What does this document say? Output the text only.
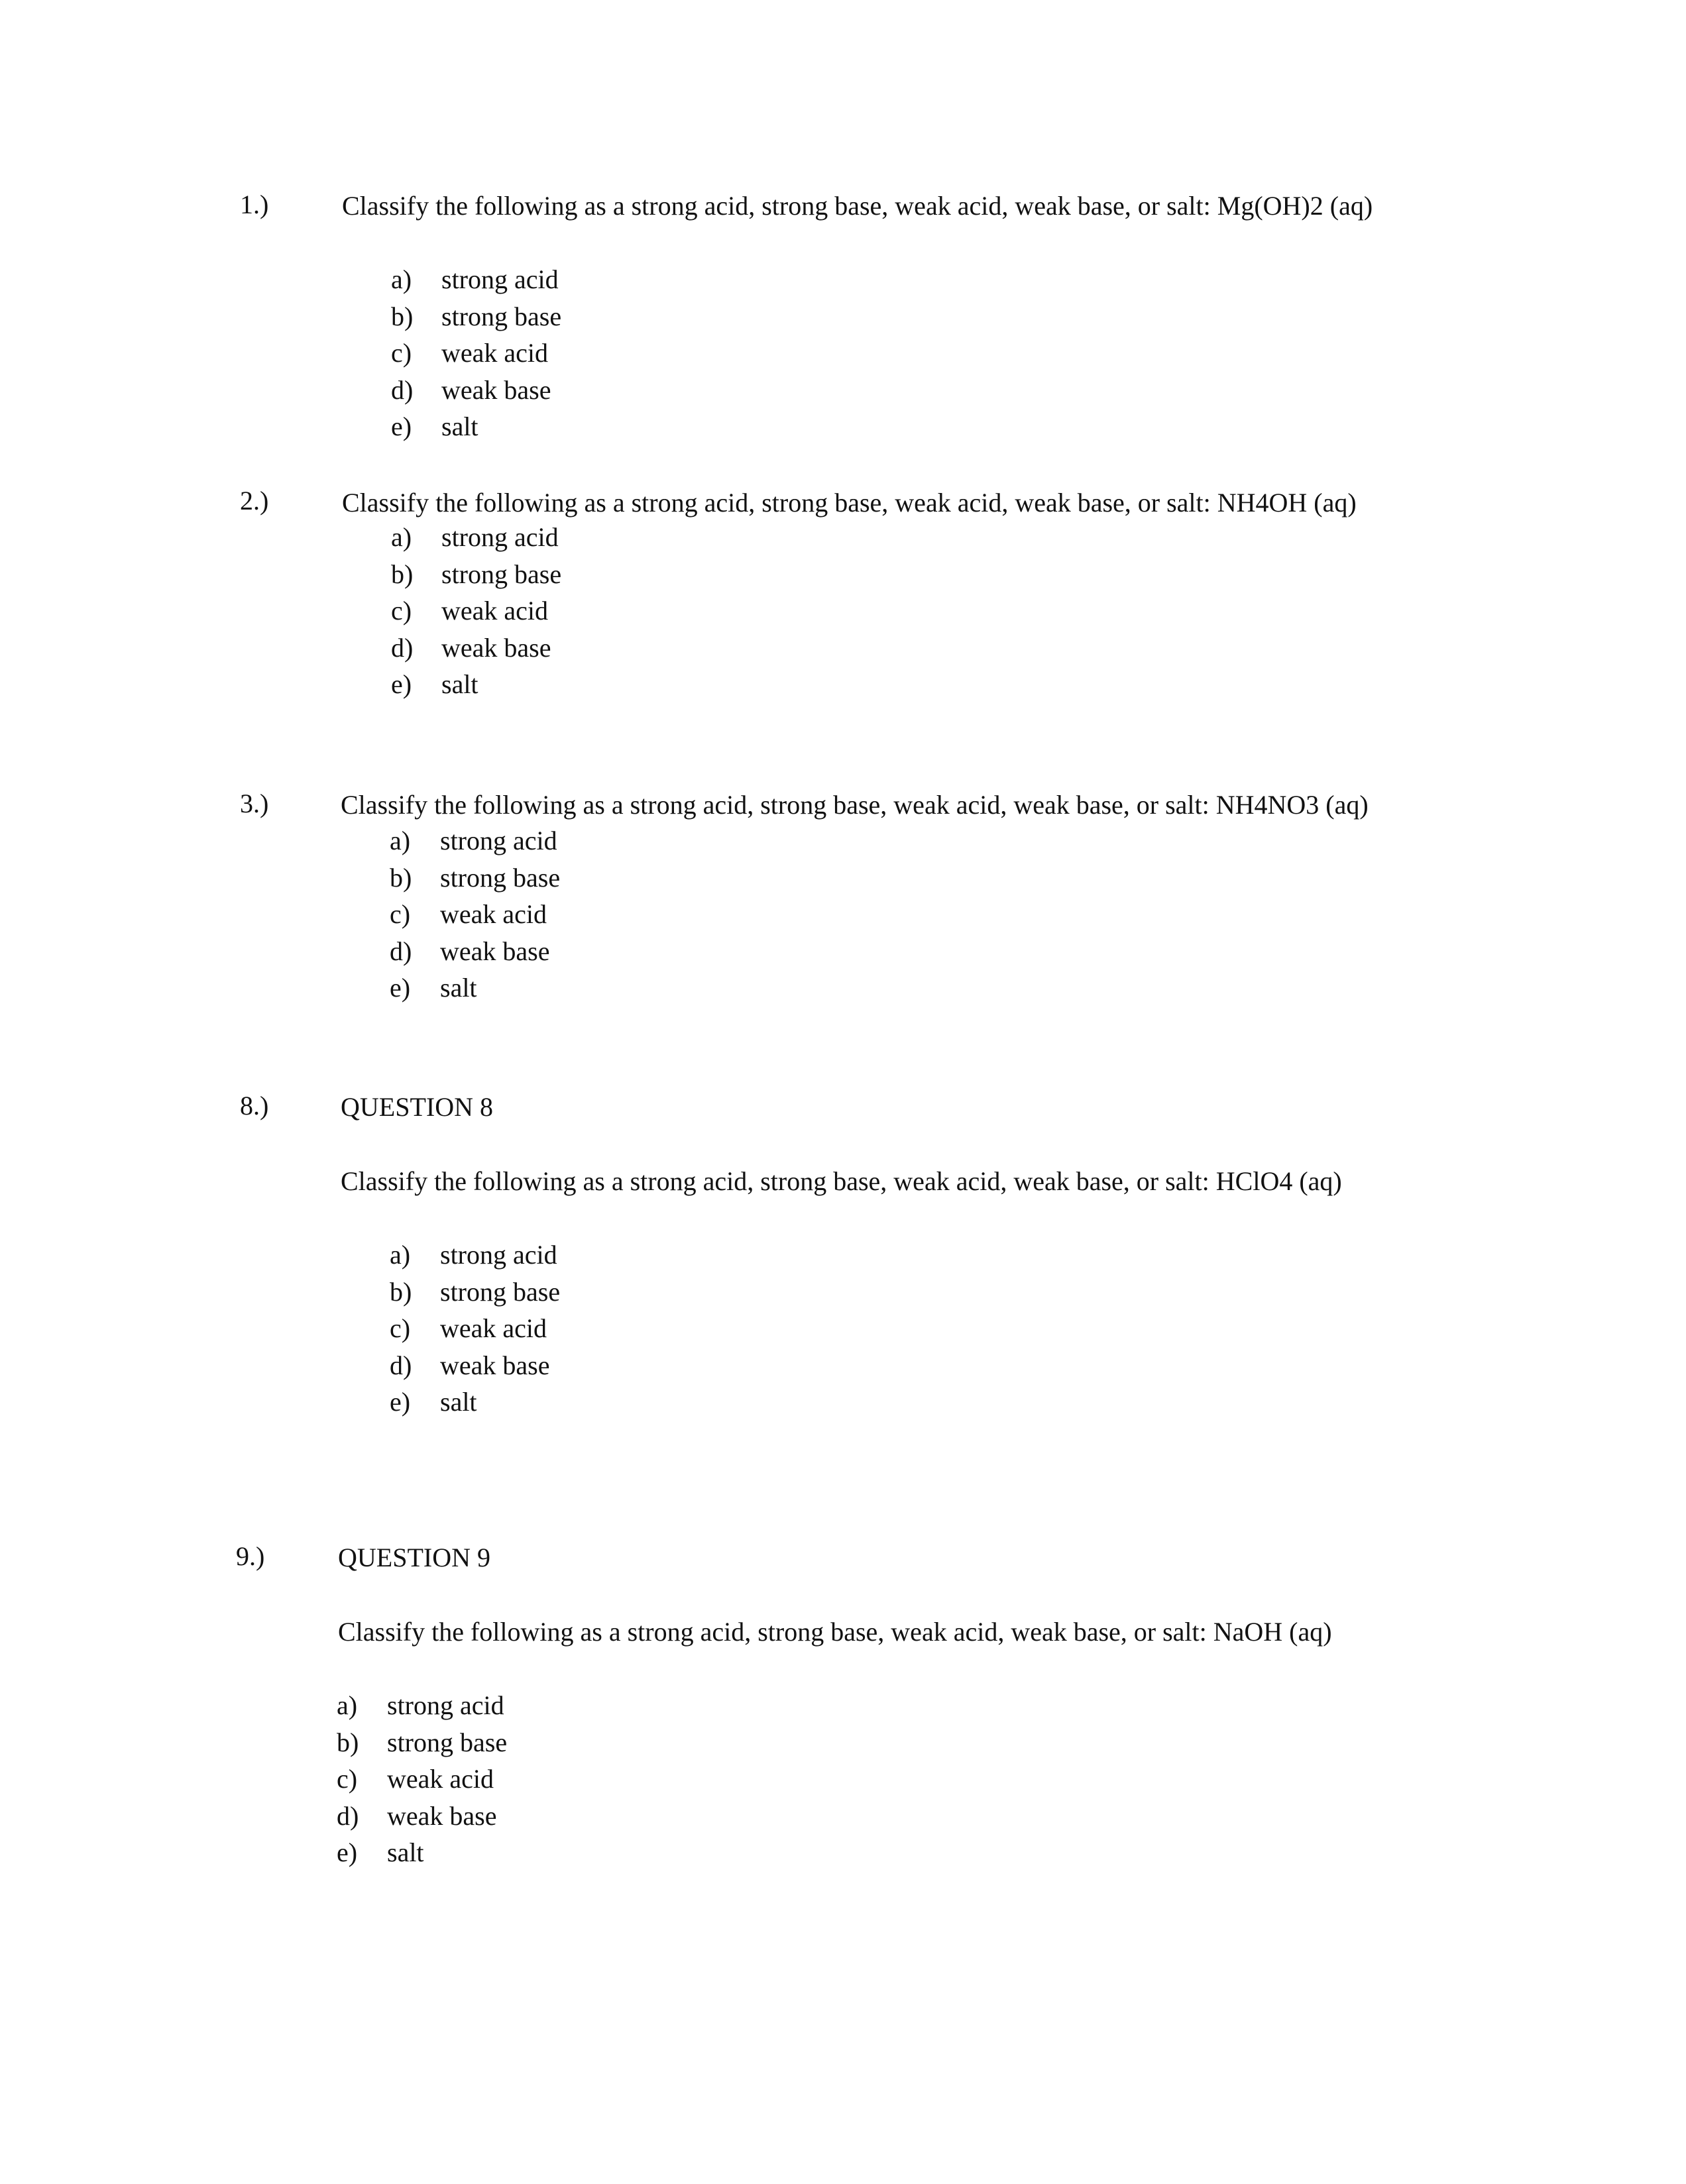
1.)	Classify the following as a strong acid, strong base, weak acid, weak base, or salt: Mg(OH)2 (aq)
a)	strong acid
b)	strong base
c)	weak acid
d)	weak base
e)	salt
2.)	Classify the following as a strong acid, strong base, weak acid, weak base, or salt: NH4OH (aq)
a)	strong acid
b)	strong base
c)	weak acid
d)	weak base
e)	salt
3.)	Classify the following as a strong acid, strong base, weak acid, weak base, or salt: NH4NO3 (aq)
a)	strong acid
b)	strong base
c)	weak acid
d)	weak base
e)	salt
8.)	QUESTION 8
Classify the following as a strong acid, strong base, weak acid, weak base, or salt: HClO4 (aq)
a)	strong acid
b)	strong base
c)	weak acid
d)	weak base
e)	salt
9.)	QUESTION 9
Classify the following as a strong acid, strong base, weak acid, weak base, or salt: NaOH (aq)
a)	strong acid
b)	strong base
c)	weak acid
d)	weak base
e)	salt
